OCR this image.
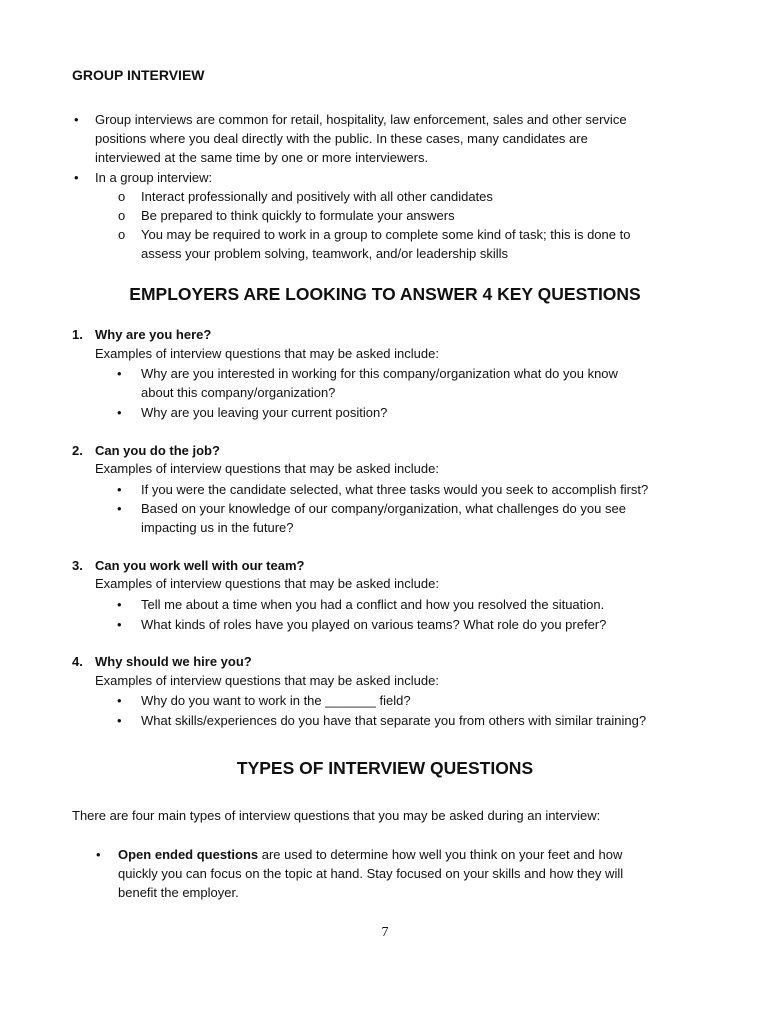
GROUP INTERVIEW
• Group interviews are common for retail, hospitality, law enforcement, sales and other service
positions where you deal directly with the public. In these cases, many candidates are
interviewed at the same time by one or more interviewers.
• In a group interview:
o Interact professionally and positively with all other candidates
o Be prepared to think quickly to formulate your answers
o You may be required to work in a group to complete some kind of task; this is done to
assess your problem solving, teamwork, and/or leadership skills
EMPLOYERS ARE LOOKING TO ANSWER 4 KEY QUESTIONS
1. Why are you here?
Examples of interview questions that may be asked include:
• Why are you interested in working for this company/organization what do you know
about this company/organization?
• Why are you leaving your current position?
2. Can you do the job?
Examples of interview questions that may be asked include:
• If you were the candidate selected, what three tasks would you seek to accomplish first?
• Based on your knowledge of our company/organization, what challenges do you see
impacting us in the future?
3. Can you work well with our team?
Examples of interview questions that may be asked include:
• Tell me about a time when you had a conflict and how you resolved the situation.
• What kinds of roles have you played on various teams? What role do you prefer?
4. Why should we hire you?
Examples of interview questions that may be asked include:
• Why do you want to work in the _______ field?
• What skills/experiences do you have that separate you from others with similar training?
TYPES OF INTERVIEW QUESTIONS
There are four main types of interview questions that you may be asked during an interview:
• Open ended questions are used to determine how well you think on your feet and how
quickly you can focus on the topic at hand. Stay focused on your skills and how they will
benefit the employer.
7
